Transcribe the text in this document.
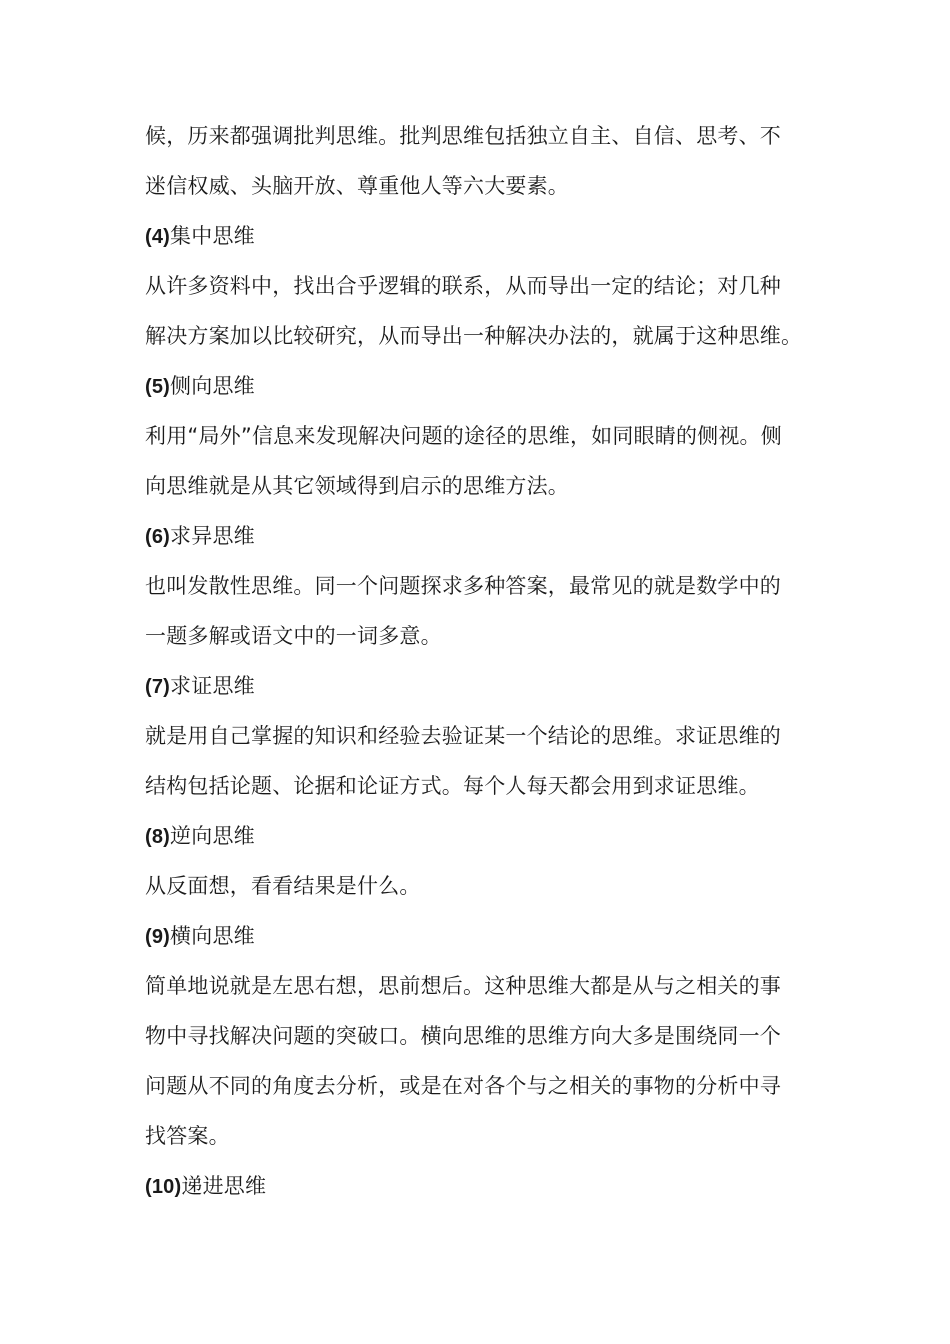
候，历来都强调批判思维。批判思维包括独立自主、自信、思考、不
迷信权威、头脑开放、尊重他人等六大要素。
(4)集中思维
从许多资料中，找出合乎逻辑的联系，从而导出一定的结论；对几种
解决方案加以比较研究，从而导出一种解决办法的，就属于这种思维。
(5)侧向思维
利用“局外”信息来发现解决问题的途径的思维，如同眼睛的侧视。侧
向思维就是从其它领域得到启示的思维方法。
(6)求异思维
也叫发散性思维。同一个问题探求多种答案，最常见的就是数学中的
一题多解或语文中的一词多意。
(7)求证思维
就是用自己掌握的知识和经验去验证某一个结论的思维。求证思维的
结构包括论题、论据和论证方式。每个人每天都会用到求证思维。
(8)逆向思维
从反面想，看看结果是什么。
(9)横向思维
简单地说就是左思右想，思前想后。这种思维大都是从与之相关的事
物中寻找解决问题的突破口。横向思维的思维方向大多是围绕同一个
问题从不同的角度去分析，或是在对各个与之相关的事物的分析中寻
找答案。
(10)递进思维
